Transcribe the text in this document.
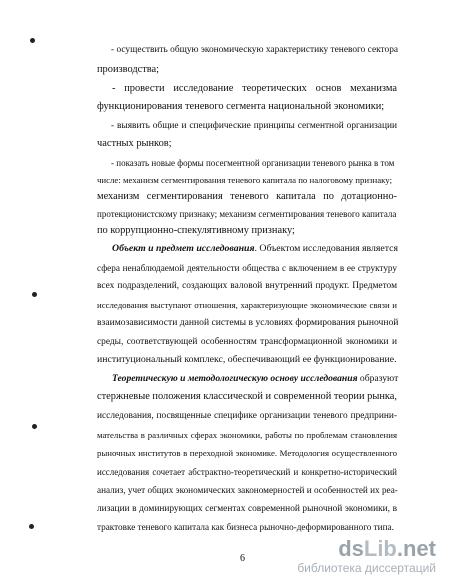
- осуществить общую экономическую характеристику теневого сектора
производства;
- провести исследование теоретических основ механизма
функционирования теневого сегмента национальной экономики;
- выявить общие и специфические принципы сегментной организации
частных рынков;
- показать новые формы посегментной организации теневого рынка в том
числе: механизм сегментирования теневого капитала по налоговому признаку;
механизм сегментирования теневого капитала по дотационно-
протекционистскому признаку; механизм сегментирования теневого капитала
по коррупционно-спекулятивному признаку;
Объект и предмет исследования. Объектом исследования является
сфера ненаблюдаемой деятельности общества с включением в ее структуру
всех подразделений, создающих валовой внутренний продукт. Предметом
исследования выступают отношения, характеризующие экономические связи и
взаимозависимости данной системы в условиях формирования рыночной
среды, соответствующей особенностям трансформационной экономики и
институциональный комплекс, обеспечивающий ее функционирование.
Теоретическую и методологическую основу исследования образуют
стержневые положения классической и современной теории рынка,
исследования, посвященные специфике организации теневого предприни-
мательства в различных сферах экономики, работы по проблемам становления
рыночных институтов в переходной экономике. Методология осуществленного
исследования сочетает абстрактно-теоретический и конкретно-исторический
анализ, учет общих экономических закономерностей и особенностей их реа-
лизации в доминирующих сегментах современной рыночной экономики, в
трактовке теневого капитала как бизнеса рыночно-деформированного типа.
6	dsLib.net
библиотека диссертаций
